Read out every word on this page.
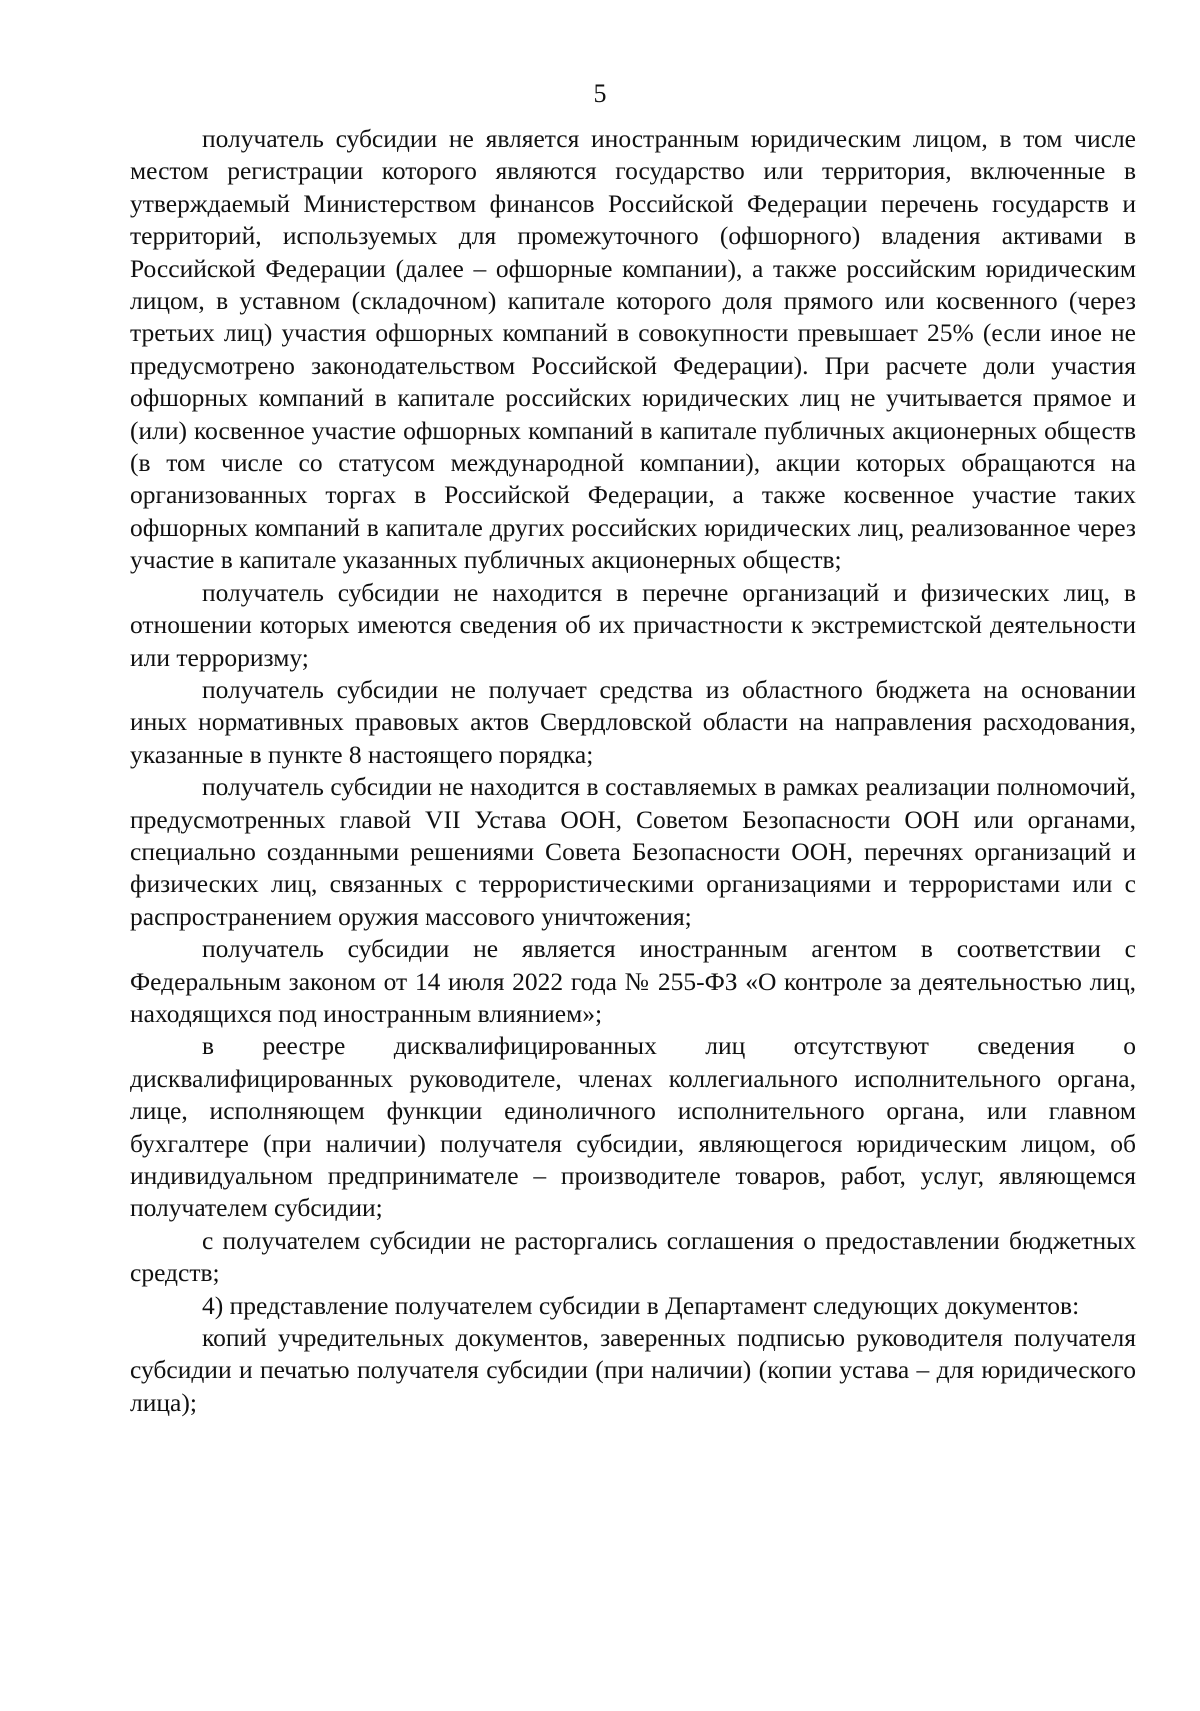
5

получатель субсидии не является иностранным юридическим лицом, в том числе местом регистрации которого являются государство или территория, включенные в утверждаемый Министерством финансов Российской Федерации перечень государств и территорий, используемых для промежуточного (офшорного) владения активами в Российской Федерации (далее – офшорные компании), а также российским юридическим лицом, в уставном (складочном) капитале которого доля прямого или косвенного (через третьих лиц) участия офшорных компаний в совокупности превышает 25% (если иное не предусмотрено законодательством Российской Федерации). При расчете доли участия офшорных компаний в капитале российских юридических лиц не учитывается прямое и (или) косвенное участие офшорных компаний в капитале публичных акционерных обществ (в том числе со статусом международной компании), акции которых обращаются на организованных торгах в Российской Федерации, а также косвенное участие таких офшорных компаний в капитале других российских юридических лиц, реализованное через участие в капитале указанных публичных акционерных обществ;

получатель субсидии не находится в перечне организаций и физических лиц, в отношении которых имеются сведения об их причастности к экстремистской деятельности или терроризму;

получатель субсидии не получает средства из областного бюджета на основании иных нормативных правовых актов Свердловской области на направления расходования, указанные в пункте 8 настоящего порядка;

получатель субсидии не находится в составляемых в рамках реализации полномочий, предусмотренных главой VII Устава ООН, Советом Безопасности ООН или органами, специально созданными решениями Совета Безопасности ООН, перечнях организаций и физических лиц, связанных с террористическими организациями и террористами или с распространением оружия массового уничтожения;

получатель субсидии не является иностранным агентом в соответствии с Федеральным законом от 14 июля 2022 года № 255-ФЗ «О контроле за деятельностью лиц, находящихся под иностранным влиянием»;

в реестре дисквалифицированных лиц отсутствуют сведения о дисквалифицированных руководителе, членах коллегиального исполнительного органа, лице, исполняющем функции единоличного исполнительного органа, или главном бухгалтере (при наличии) получателя субсидии, являющегося юридическим лицом, об индивидуальном предпринимателе – производителе товаров, работ, услуг, являющемся получателем субсидии;

с получателем субсидии не расторгались соглашения о предоставлении бюджетных средств;

4) представление получателем субсидии в Департамент следующих документов:

копий учредительных документов, заверенных подписью руководителя получателя субсидии и печатью получателя субсидии (при наличии) (копии устава – для юридического лица);
